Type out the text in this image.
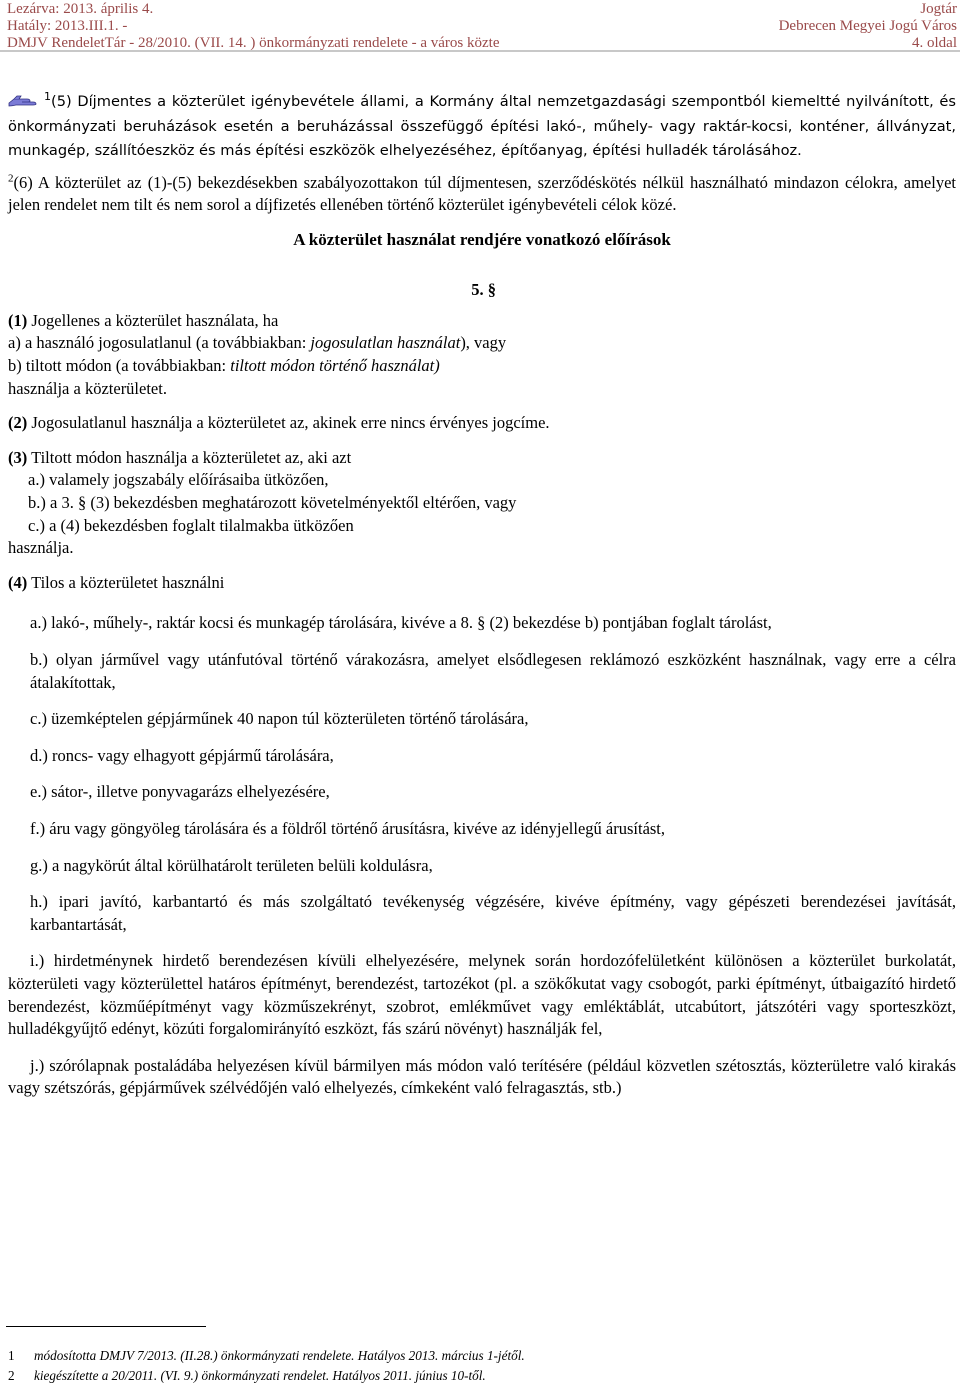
Lezárva: 2013. április 4.
Hatály: 2013.III.1. -
DMJV RendeletTár - 28/2010. (VII. 14. ) önkormányzati rendelete - a város közte
Jogtár
Debrecen Megyei Jogú Város
4. oldal

$^1$(5) Díjmentes a közterület igénybevétele állami, a Kormány által nemzetgazdasági szempontból kiemeltté nyilvánított, és önkormányzati beruházások esetén a beruházással összefüggő építési lakó-, műhely- vagy raktár-kocsi, konténer, állványzat, munkagép, szállítóeszköz és más építési eszközök elhelyezéséhez, építőanyag, építési hulladék tárolásához.

$^2$(6) A közterület az (1)-(5) bekezdésekben szabályozottakon túl díjmentesen, szerződéskötés nélkül használható mindazon célokra, amelyet jelen rendelet nem tilt és nem sorol a díjfizetés ellenében történő közterület igénybevételi célok közé.

A közterület használat rendjére vonatkozó előírások

5. §

(1) Jogellenes a közterület használata, ha

a) a használó jogosulatlanul (a továbbiakban: jogosulatlan használat), vagy

b) tiltott módon (a továbbiakban: tiltott módon történő használat)

használja a közterületet.

(2) Jogosulatlanul használja a közterületet az, akinek erre nincs érvényes jogcíme.

(3) Tiltott módon használja a közterületet az, aki azt

a.) valamely jogszabály előírásaiba ütközően,

b.) a 3. § (3) bekezdésben meghatározott követelményektől eltérően, vagy

c.) a (4) bekezdésben foglalt tilalmakba ütközően

használja.

(4) Tilos a közterületet használni

a.) lakó-, műhely-, raktár kocsi és munkagép tárolására, kivéve a 8. § (2) bekezdése b) pontjában foglalt tárolást,

b.) olyan járművel vagy utánfutóval történő várakozásra, amelyet elsődlegesen reklámozó eszközként használnak, vagy erre a célra átalakítottak,

c.) üzemképtelen gépjárműnek 40 napon túl közterületen történő tárolására,

d.) roncs- vagy elhagyott gépjármű tárolására,

e.) sátor-, illetve ponyvagarázs elhelyezésére,

f.) áru vagy göngyöleg tárolására és a földről történő árusításra, kivéve az idényjellegű árusítást,

g.) a nagykörút által körülhatárolt területen belüli koldulásra,

h.) ipari javító, karbantartó és más szolgáltató tevékenység végzésére, kivéve építmény, vagy gépészeti berendezései javítását, karbantartását,

i.) hirdetménynek hirdető berendezésen kívüli elhelyezésére, melynek során hordozófelületként különösen a közterület burkolatát, közterületi vagy közterülettel határos építményt, berendezést, tartozékot (pl. a szökőkutat vagy csobogót, parki építményt, útbaigazító hirdető berendezést, közműépítményt vagy közműszekrényt, szobrot, emlékművet vagy emléktáblát, utcabútort, játszótéri vagy sporteszközt, hulladékgyűjtő edényt, közúti forgalomirányító eszközt, fás szárú növényt) használják fel,

j.) szórólapnak postaládába helyezésen kívül bármilyen más módon való terítésére (például közvetlen szétosztás, közterületre való kirakás vagy szétszórás, gépjárművek szélvédőjén való elhelyezés, címkeként való felragasztás, stb.)

1 módosította DMJV 7/2013. (II.28.) önkormányzati rendelete. Hatályos 2013. március 1-jétől.
2 kiegészítette a 20/2011. (VI. 9.) önkormányzati rendelet. Hatályos 2011. június 10-től.
